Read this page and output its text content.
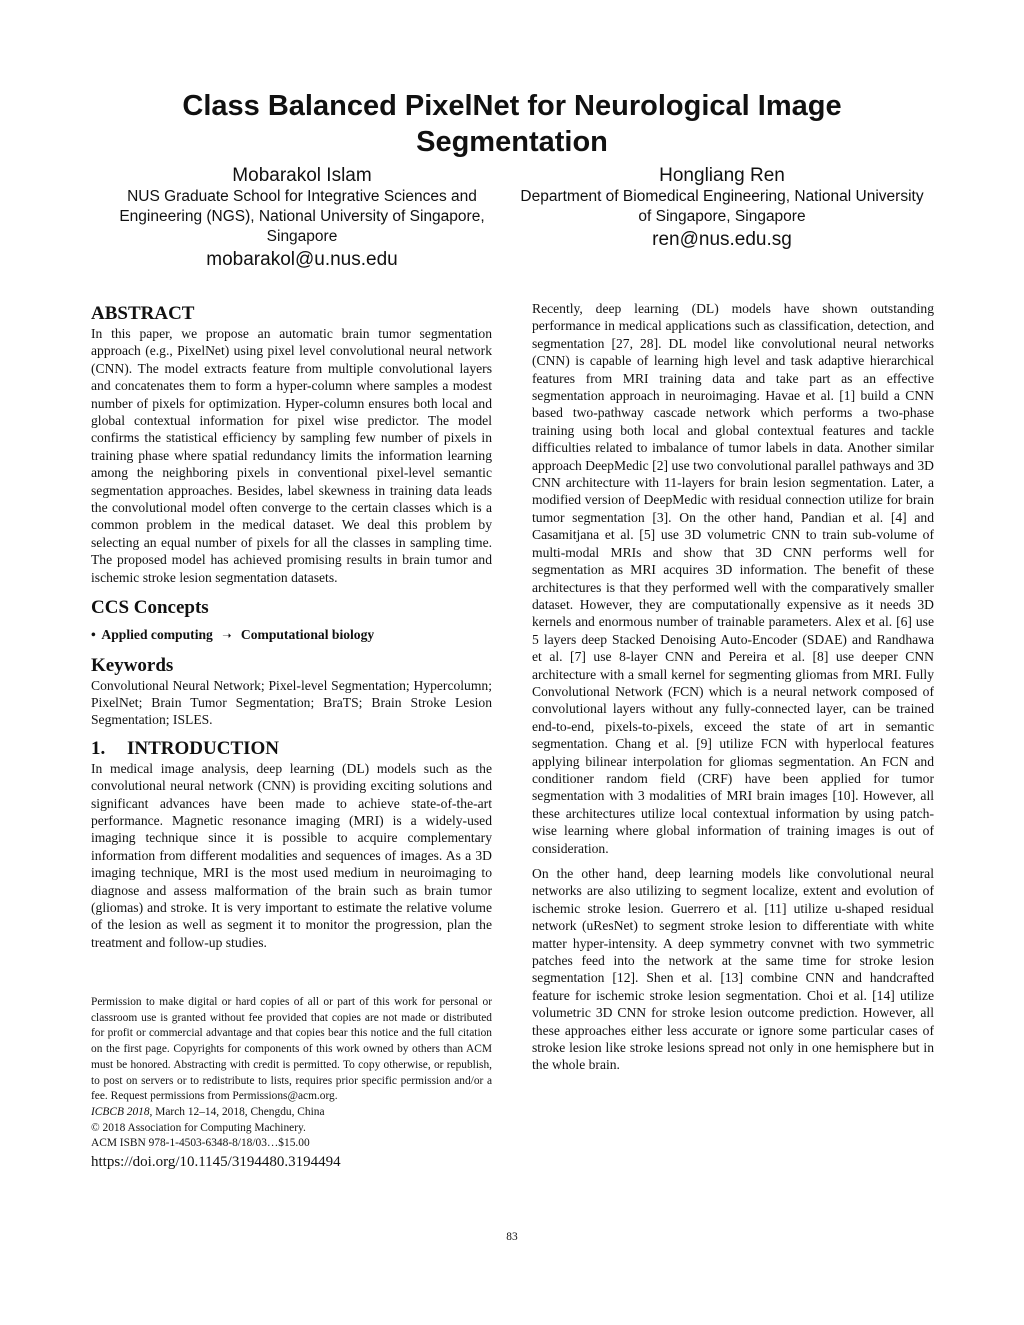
Class Balanced PixelNet for Neurological Image Segmentation
Mobarakol Islam
NUS Graduate School for Integrative Sciences and Engineering (NGS), National University of Singapore, Singapore
mobarakol@u.nus.edu
Hongliang Ren
Department of Biomedical Engineering, National University of Singapore, Singapore
ren@nus.edu.sg
ABSTRACT

In this paper, we propose an automatic brain tumor segmentation approach (e.g., PixelNet) using pixel level convolutional neural network (CNN). The model extracts feature from multiple convolutional layers and concatenates them to form a hyper-column where samples a modest number of pixels for optimization. Hyper-column ensures both local and global contextual information for pixel wise predictor. The model confirms the statistical efficiency by sampling few number of pixels in training phase where spatial redundancy limits the information learning among the neighboring pixels in conventional pixel-level semantic segmentation approaches. Besides, label skewness in training data leads the convolutional model often converge to the certain classes which is a common problem in the medical dataset. We deal this problem by selecting an equal number of pixels for all the classes in sampling time. The proposed model has achieved promising results in brain tumor and ischemic stroke lesion segmentation datasets.

CCS Concepts
• Applied computing ➝ Computational biology
Keywords

Convolutional Neural Network; Pixel-level Segmentation; Hypercolumn; PixelNet; Brain Tumor Segmentation; BraTS; Brain Stroke Lesion Segmentation; ISLES.

1. INTRODUCTION

In medical image analysis, deep learning (DL) models such as the convolutional neural network (CNN) is providing exciting solutions and significant advances have been made to achieve state-of-the-art performance. Magnetic resonance imaging (MRI) is a widely-used imaging technique since it is possible to acquire complementary information from different modalities and sequences of images. As a 3D imaging technique, MRI is the most used medium in neuroimaging to diagnose and assess malformation of the brain such as brain tumor (gliomas) and stroke. It is very important to estimate the relative volume of the lesion as well as segment it to monitor the progression, plan the treatment and follow-up studies.

Recently, deep learning (DL) models have shown outstanding performance in medical applications such as classification, detection, and segmentation [27, 28]. DL model like convolutional neural networks (CNN) is capable of learning high level and task adaptive hierarchical features from MRI training data and take part as an effective segmentation approach in neuroimaging. Havae et al. [1] build a CNN based two-pathway cascade network which performs a two-phase training using both local and global contextual features and tackle difficulties related to imbalance of tumor labels in data. Another similar approach DeepMedic [2] use two convolutional parallel pathways and 3D CNN architecture with 11-layers for brain lesion segmentation. Later, a modified version of DeepMedic with residual connection utilize for brain tumor segmentation [3]. On the other hand, Pandian et al. [4] and Casamitjana et al. [5] use 3D volumetric CNN to train sub-volume of multi-modal MRIs and show that 3D CNN performs well for segmentation as MRI acquires 3D information. The benefit of these architectures is that they performed well with the comparatively smaller dataset. However, they are computationally expensive as it needs 3D kernels and enormous number of trainable parameters. Alex et al. [6] use 5 layers deep Stacked Denoising Auto-Encoder (SDAE) and Randhawa et al. [7] use 8-layer CNN and Pereira et al. [8] use deeper CNN architecture with a small kernel for segmenting gliomas from MRI. Fully Convolutional Network (FCN) which is a neural network composed of convolutional layers without any fully-connected layer, can be trained end-to-end, pixels-to-pixels, exceed the state of art in semantic segmentation. Chang et al. [9] utilize FCN with hyperlocal features applying bilinear interpolation for gliomas segmentation. An FCN and conditioner random field (CRF) have been applied for tumor segmentation with 3 modalities of MRI brain images [10]. However, all these architectures utilize local contextual information by using patch-wise learning where global information of training images is out of consideration.

On the other hand, deep learning models like convolutional neural networks are also utilizing to segment localize, extent and evolution of ischemic stroke lesion. Guerrero et al. [11] utilize u-shaped residual network (uResNet) to segment stroke lesion to differentiate with white matter hyper-intensity. A deep symmetry convnet with two symmetric patches feed into the network at the same time for stroke lesion segmentation [12]. Shen et al. [13] combine CNN and handcrafted feature for ischemic stroke lesion segmentation. Choi et al. [14] utilize volumetric 3D CNN for stroke lesion outcome prediction. However, all these approaches either less accurate or ignore some particular cases of stroke lesion like stroke lesions spread not only in one hemisphere but in the whole brain.

Permission to make digital or hard copies of all or part of this work for personal or classroom use is granted without fee provided that copies are not made or distributed for profit or commercial advantage and that copies bear this notice and the full citation on the first page. Copyrights for components of this work owned by others than ACM must be honored. Abstracting with credit is permitted. To copy otherwise, or republish, to post on servers or to redistribute to lists, requires prior specific permission and/or a fee. Request permissions from Permissions@acm.org.

ICBCB 2018, March 12–14, 2018, Chengdu, China
© 2018 Association for Computing Machinery.
ACM ISBN 978-1-4503-6348-8/18/03…$15.00
https://doi.org/10.1145/3194480.3194494
83
